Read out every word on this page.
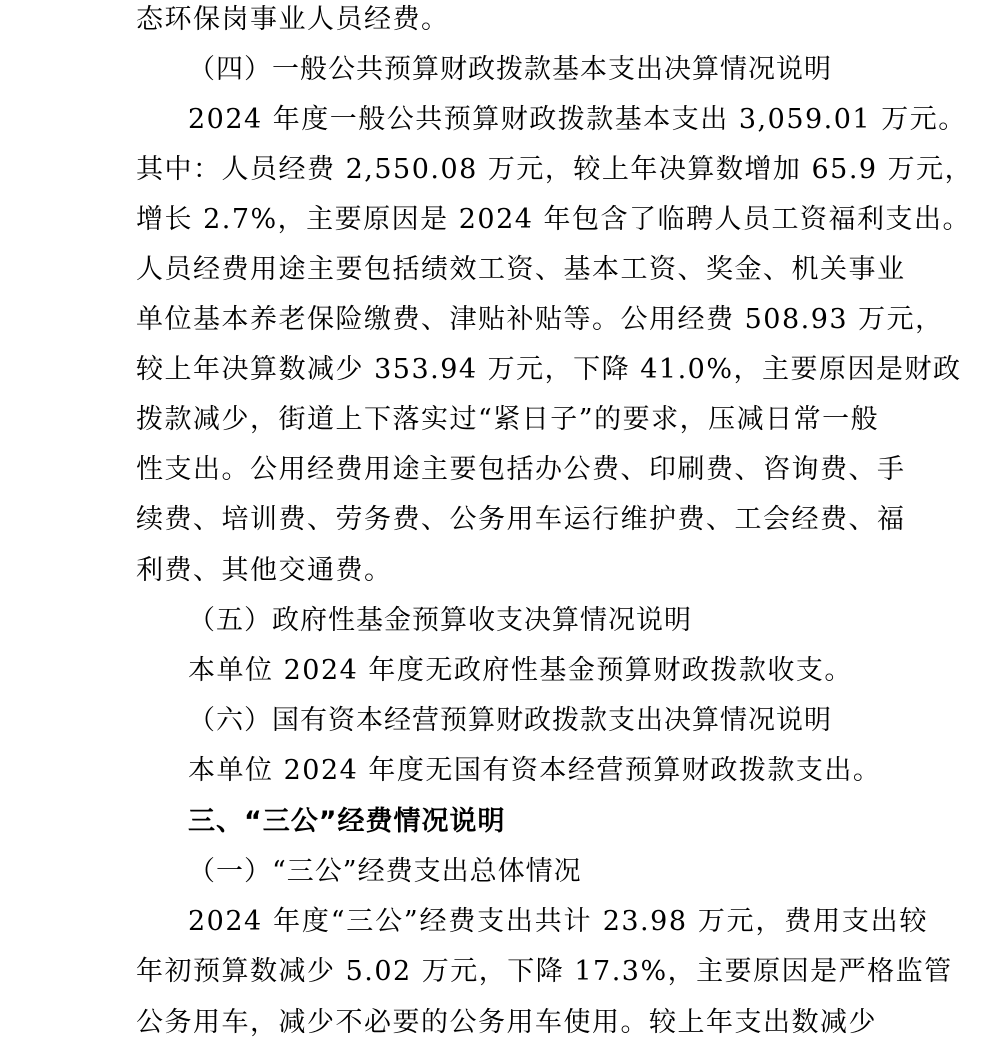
态环保岗事业人员经费。
（四）一般公共预算财政拨款基本支出决算情况说明
2024 年度一般公共预算财政拨款基本支出 3,059.01 万元。
其中：人员经费 2,550.08 万元，较上年决算数增加 65.9 万元，
增长 2.7%，主要原因是 2024 年包含了临聘人员工资福利支出。
人员经费用途主要包括绩效工资、基本工资、奖金、机关事业
单位基本养老保险缴费、津贴补贴等。公用经费 508.93 万元，
较上年决算数减少 353.94 万元，下降 41.0%，主要原因是财政
拨款减少，街道上下落实过“紧日子”的要求，压减日常一般
性支出。公用经费用途主要包括办公费、印刷费、咨询费、手
续费、培训费、劳务费、公务用车运行维护费、工会经费、福
利费、其他交通费。
（五）政府性基金预算收支决算情况说明
本单位 2024 年度无政府性基金预算财政拨款收支。
（六）国有资本经营预算财政拨款支出决算情况说明
本单位 2024 年度无国有资本经营预算财政拨款支出。
三、“三公”经费情况说明
（一）“三公”经费支出总体情况
2024 年度“三公”经费支出共计 23.98 万元，费用支出较
年初预算数减少 5.02 万元，下降 17.3%，主要原因是严格监管
公务用车，减少不必要的公务用车使用。较上年支出数减少
